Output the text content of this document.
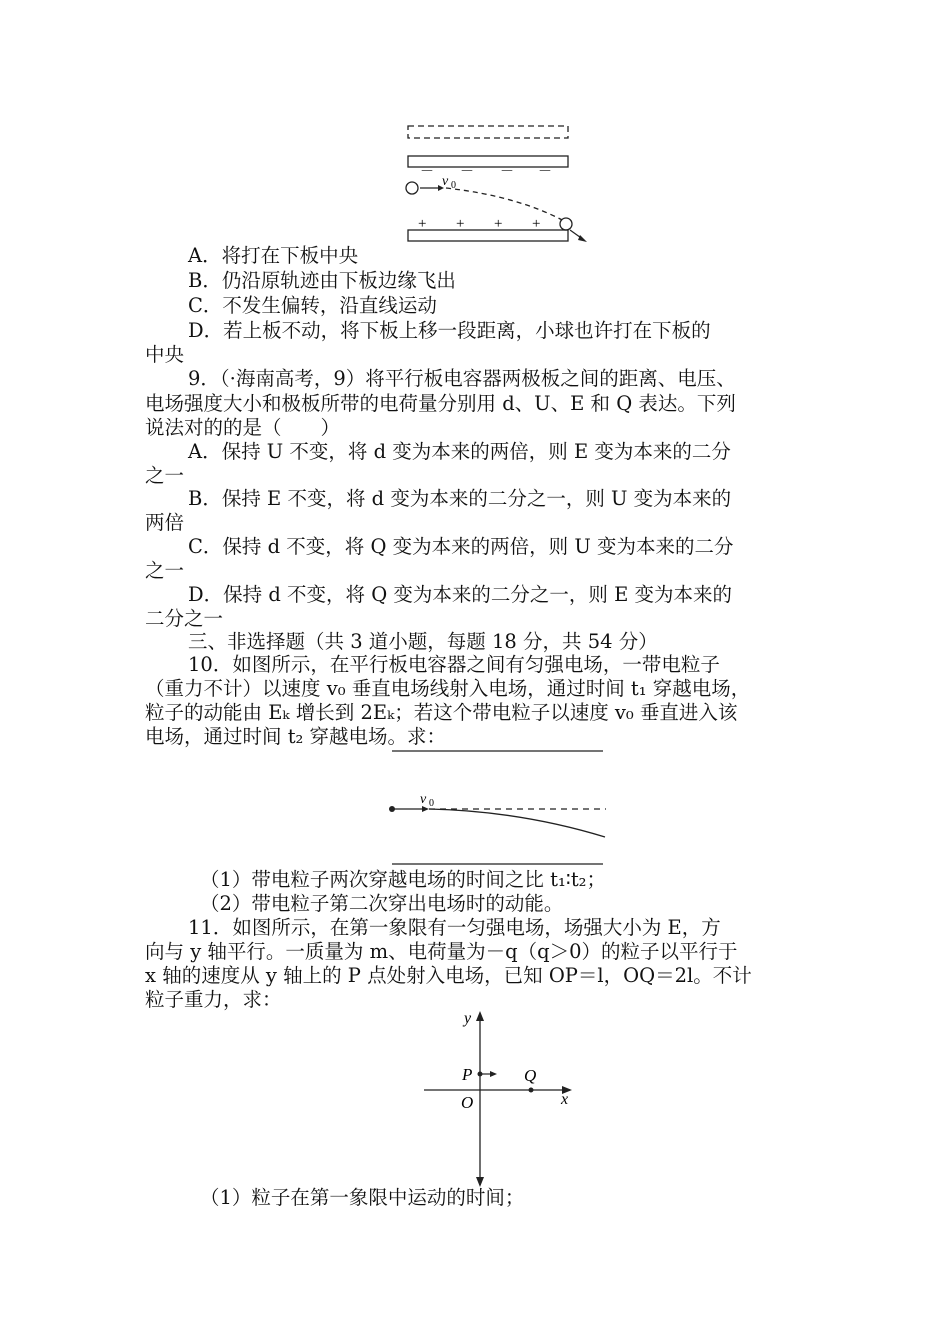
－ － － －
v 0
+ + + +
A．将打在下板中央
B．仍沿原轨迹由下板边缘飞出
C．不发生偏转，沿直线运动
D．若上板不动，将下板上移一段距离，小球也许打在下板的
中央
9．（·海南高考，9）将平行板电容器两极板之间的距离、电压、
电场强度大小和极板所带的电荷量分别用 d、U、E 和 Q 表达。下列
说法对的的是（　　）
A．保持 U 不变，将 d 变为本来的两倍，则 E 变为本来的二分
之一
B．保持 E 不变，将 d 变为本来的二分之一，则 U 变为本来的
两倍
C．保持 d 不变，将 Q 变为本来的两倍，则 U 变为本来的二分
之一
D．保持 d 不变，将 Q 变为本来的二分之一，则 E 变为本来的
二分之一
三、非选择题（共 3 道小题，每题 18 分，共 54 分）
10．如图所示，在平行板电容器之间有匀强电场，一带电粒子
（重力不计）以速度 v₀ 垂直电场线射入电场，通过时间 t₁ 穿越电场，
粒子的动能由 Eₖ 增长到 2Eₖ；若这个带电粒子以速度 v₀ 垂直进入该
电场，通过时间 t₂ 穿越电场。求：
v 0
（1）带电粒子两次穿越电场的时间之比 t₁∶t₂；
（2）带电粒子第二次穿出电场时的动能。
11．如图所示，在第一象限有一匀强电场，场强大小为 E，方
向与 y 轴平行。一质量为 m、电荷量为－q（q＞0）的粒子以平行于
x 轴的速度从 y 轴上的 P 点处射入电场，已知 OP＝l，OQ＝2l。不计
粒子重力，求：
y
x
P	Q
O
（1）粒子在第一象限中运动的时间；
